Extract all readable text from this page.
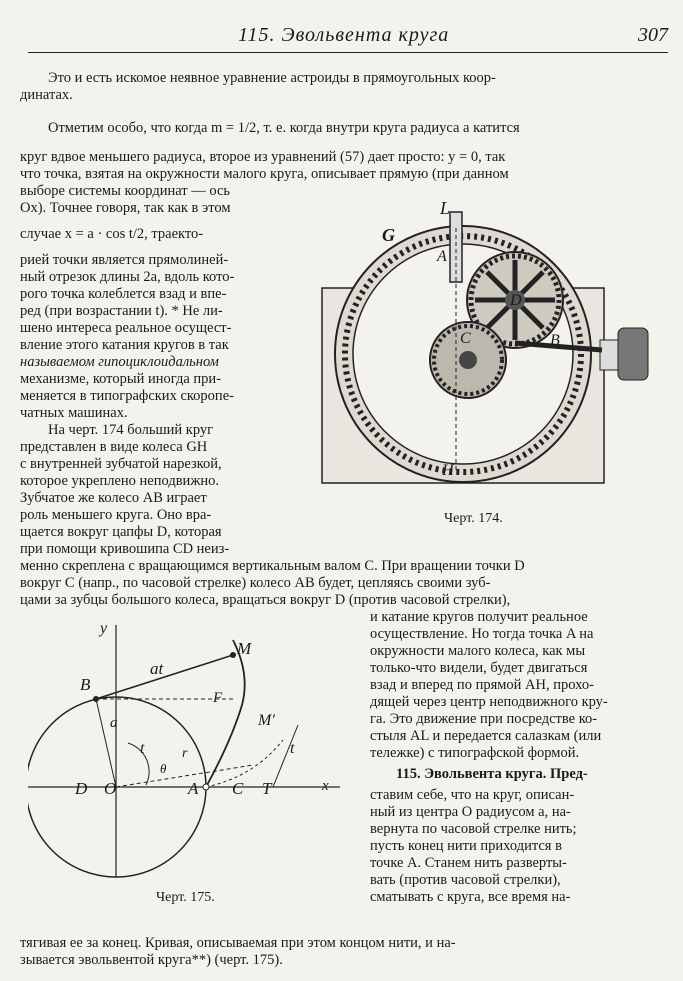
115. Эвольвента круга	307
Это и есть искомое неявное уравнение астроиды в прямоугольных коор-
динатах.
Отметим особо, что когда m = 1/2, т. е. когда внутри круга радиуса a катится
круг вдвое меньшего радиуса, второе из уравнений (57) дает просто: y = 0, так
что точка, взятая на окружности малого круга, описывает прямую (при данном
выборе системы координат — ось
Ox). Точнее говоря, так как в этом
случае x = a · cos t/2, траекто-
рией точки является прямолиней-
ный отрезок длины 2a, вдоль кото-
рого точка колеблется взад и впе-
ред (при возрастании t). * Не ли-
шено интереса реальное осущест-
вление этого катания кругов в так
называемом гипоциклоидальном
механизме, который иногда при-
меняется в типографских скоропе-
чатных машинах.
На черт. 174 больший круг
представлен в виде колеса GH
с внутренней зубчатой нарезкой,
которое укреплено неподвижно.
Зубчатое же колесо AB играет
роль меньшего круга. Оно вра-
щается вокруг цапфы D, которая
при помощи кривошипа CD неиз-
менно скреплена с вращающимся вертикальным валом C. При вращении точки D
вокруг C (напр., по часовой стрелке) колесо AB будет, цепляясь своими зуб-
цами за зубцы большого колеса, вращаться вокруг D (против часовой стрелки),
и катание кругов получит реальное
осуществление. Но тогда точка A на
окружности малого колеса, как мы
только-что видели, будет двигаться
взад и вперед по прямой AH, прохо-
дящей через центр неподвижного кру-
га. Это движение при посредстве ко-
стыля AL и передается салазкам (или
тележке) с типографской формой.
115. Эвольвента круга. Пред-
ставим себе, что на круг, описан-
ный из центра O радиусом a, на-
вернута по часовой стрелке нить;
пусть конец нити приходится в
точке A. Станем нить разверты-
вать (против часовой стрелки),
сматывать с круга, все время на-
тягивая ее за конец. Кривая, описываемая при этом концом нити, и на-
зывается эвольвентой круга**) (черт. 175).
L
G
A
D
C	B
H
Черт. 174.
y
B
at
M
F
M′
a
t	r
θ
t
D O	A C T	x
Черт. 175.
